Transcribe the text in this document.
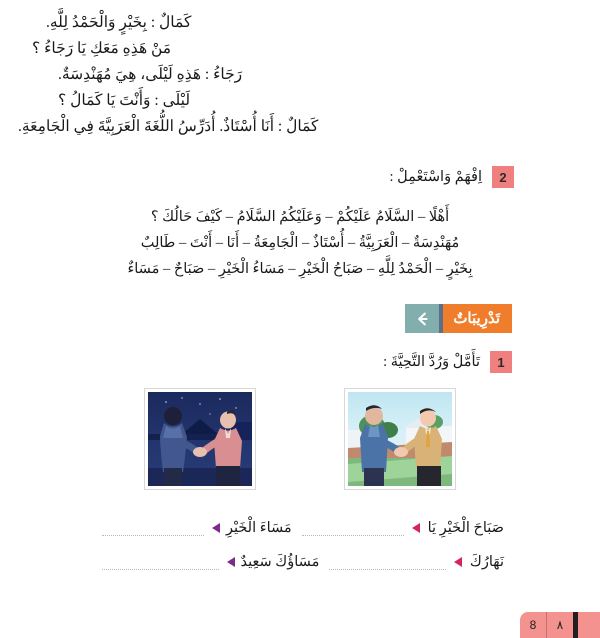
كَمَالٌ : بِخَيْرٍ وَالْحَمْدُ لِلَّهِ.
مَنْ هَذِهِ مَعَكِ يَا رَجَاءُ ؟
رَجَاءُ : هَذِهِ لَيْلَى، هِيَ مُهَنْدِسَةٌ.
لَيْلَى : وَأَنْتَ يَا كَمَالُ ؟
كَمَالٌ : أَنَا أُسْتَاذٌ. أُدَرِّسُ اللُّغَةَ الْعَرَبِيَّةَ فِي الْجَامِعَةِ.
2
اِفْهَمْ وَاسْتَعْمِلْ :
أَهْلًا – السَّلَامُ عَلَيْكُمْ – وَعَلَيْكُمُ السَّلَامُ – كَيْفَ حَالُكَ ؟
مُهَنْدِسَةٌ – الْعَرَبِيَّةُ – أُسْتَاذٌ – الْجَامِعَةُ – أَنَا – أَنْتَ – طَالِبٌ
بِخَيْرٍ – الْحَمْدُ لِلَّهِ – صَبَاحُ الْخَيْرِ – مَسَاءُ الْخَيْرِ – صَبَاحٌ – مَسَاءٌ
تَدْرِيبَاتٌ
1
تَأَمَّلْ وَرُدَّ التَّحِيَّةَ :
صَبَاحَ الْخَيْرِ يَا
مَسَاءَ الْخَيْرِ
نَهَارُكَ
مَسَاؤُكَ سَعِيدٌ
8	٨
